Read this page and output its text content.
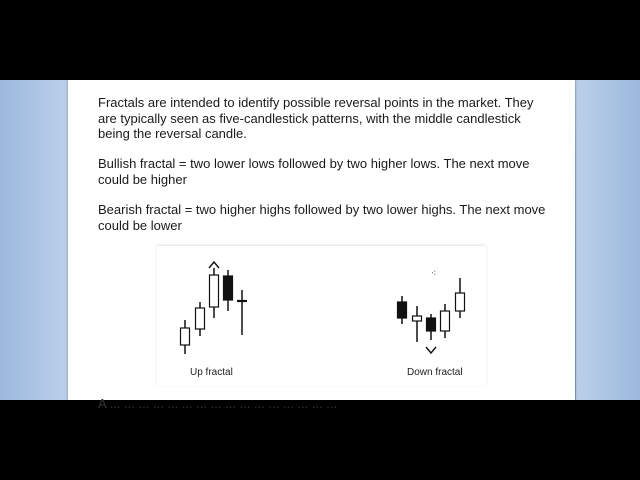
Fractals are intended to identify possible reversal points in the market. They are typically seen as five-candlestick patterns, with the middle candlestick being the reversal candle.

Bullish fractal = two lower lows followed by two higher lows. The next move could be higher

Bearish fractal = two higher highs followed by two lower highs. The next move could be lower

⁖
Up fractal	Down fractal

A ... ... ... ... ... ... ... ... ... ... ... ... ... ... ... ...
